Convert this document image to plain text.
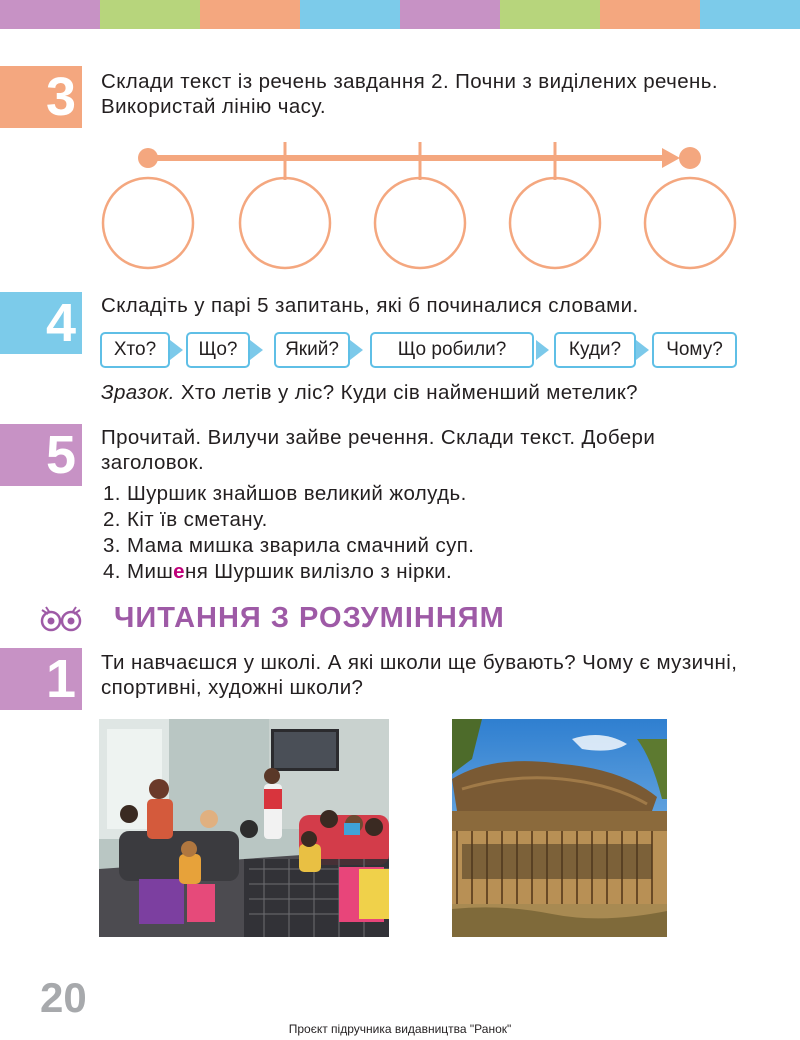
3 Склади текст із речень завдання 2. Почни з виділених речень. Використай лінію часу.
4 Складіть у парі 5 запитань, які б починалися словами.
Хто?	Що?	Який?	Що робили?	Куди?	Чому?
Зразок. Хто летів у ліс? Куди сів найменший метелик?
5 Прочитай. Вилучи зайве речення. Склади текст. Добери заголовок.
1. Шуршик знайшов великий жолудь.
2. Кіт їв сметану.
3. Мама мишка зварила смачний суп.
4. Мишеня Шуршик вилізло з нірки.
ЧИТАННЯ З РОЗУМІННЯМ
1 Ти навчаєшся у школі. А які школи ще бувають? Чому є музичні, спортивні, художні школи?
20
Проєкт підручника видавництва "Ранок"
